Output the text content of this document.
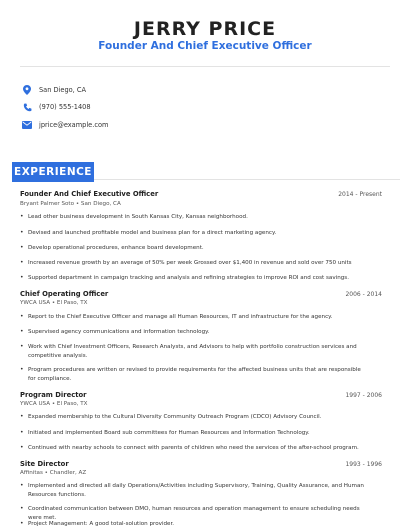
JERRY PRICE
Founder And Chief Executive Officer
San Diego, CA
(970) 555-1408
jprice@example.com
EXPERIENCE
Founder And Chief Executive Officer	2014 - Present
Bryant Palmer Soto • San Diego, CA
• Lead other business development in South Kansas City, Kansas neighborhood.
• Devised and launched profitable model and business plan for a direct marketing agency.
• Develop operational procedures, enhance board development.
• Increased revenue growth by an average of 50% per week Grossed over $1,400 in revenue and sold over 750 units
• Supported department in campaign tracking and analysis and refining strategies to improve ROI and cost savings.
Chief Operating Officer	2006 - 2014
YWCA USA • El Paso, TX
• Report to the Chief Executive Officer and manage all Human Resources, IT and infrastructure for the agency.
• Supervised agency communications and information technology.
• Work with Chief Investment Officers, Research Analysts, and Advisors to help with portfolio construction services and competitive analysis.
• Program procedures are written or revised to provide requirements for the affected business units that are responsible for compliance.
Program Director	1997 - 2006
YWCA USA • El Paso, TX
• Expanded membership to the Cultural Diversity Community Outreach Program (CDCO) Advisory Council.
• Initiated and implemented Board sub committees for Human Resources and Information Technology.
• Continued with nearby schools to connect with parents of children who need the services of the after-school program.
Site Director	1993 - 1996
Affinitas • Chandler, AZ
• Implemented and directed all daily Operations/Activities including Supervisory, Training, Quality Assurance, and Human Resources functions.
• Coordinated communication between DMO, human resources and operation management to ensure scheduling needs were met.
• Project Management: A good total-solution provider.
